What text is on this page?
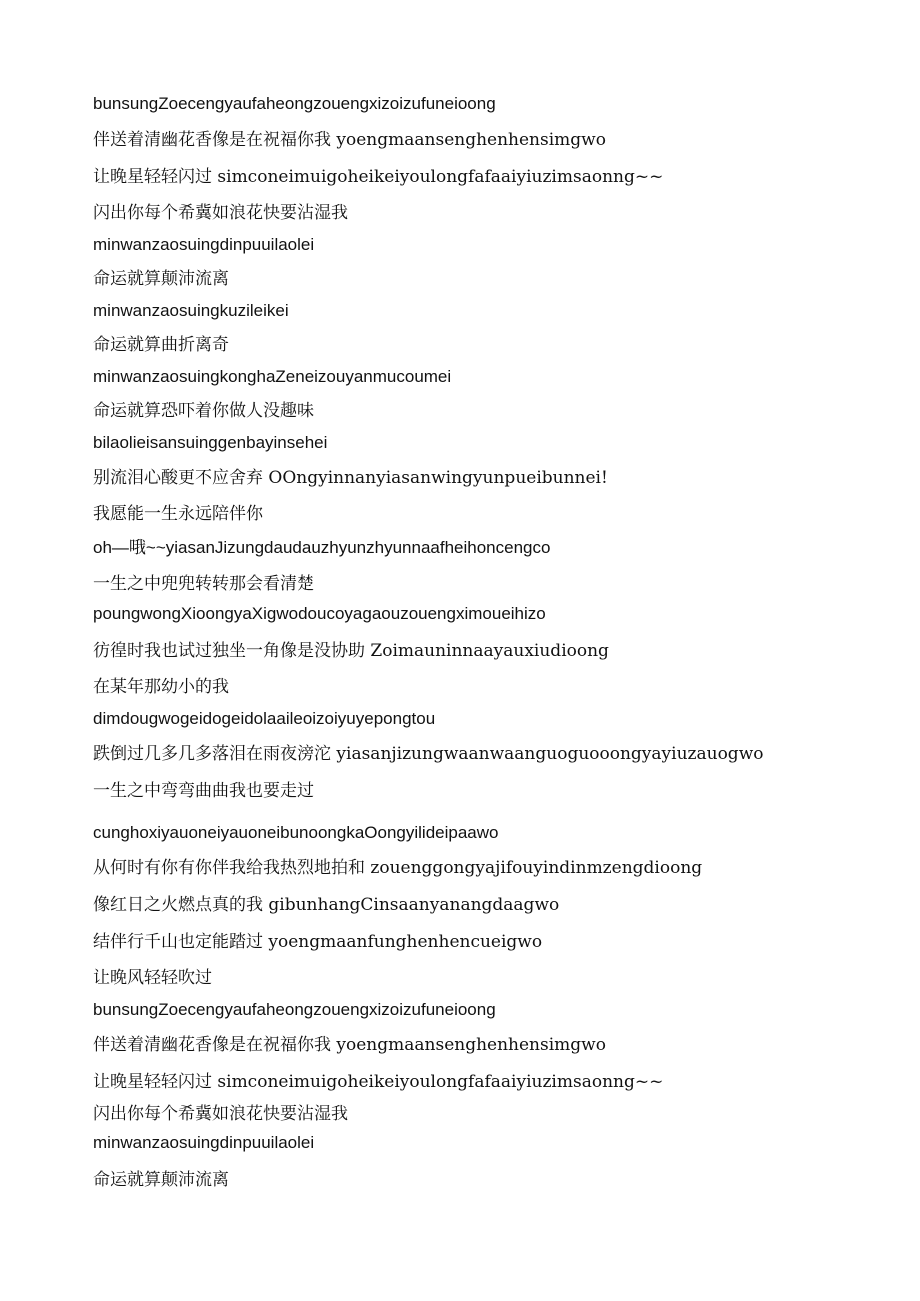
bunsungZoecengyaufaheongzouengxizoizufuneioong
伴送着清幽花香像是在祝福你我 yoengmaansenghenhensimgwo
让晚星轻轻闪过 simconeimuigoheikeiyoulongfafaaiyiuzimsaonng~~
闪出你每个希冀如浪花快要沾湿我
minwanzaosuingdinpuuilaolei
命运就算颠沛流离
minwanzaosuingkuzileikei
命运就算曲折离奇
minwanzaosuingkonghaZeneizouyanmucoumei
命运就算恐吓着你做人没趣味
bilaolieisansuinggenbayinsehei
别流泪心酸更不应舍弃 OOngyinnanyiasanwingyunpueibunnei!
我愿能一生永远陪伴你
oh—哦~~yiasanJizungdaudauzhyunzhyunnaafheihoncengco
一生之中兜兜转转那会看清楚
poungwongXioongyaXigwodoucoyagaouzouengximoueihizo
彷徨时我也试过独坐一角像是没协助 Zoimauninnaayauxiudioong
在某年那幼小的我
dimdougwogeidogeidolaaileoizoiyuyepongtou
跌倒过几多几多落泪在雨夜滂沱 yiasanjizungwaanwaanguoguooongyayiuzauogwo
一生之中弯弯曲曲我也要走过
cunghoxiyauoneiyauoneibunoongkaOongyilideipaawo
从何时有你有你伴我给我热烈地拍和 zouenggongyajifouyindinmzengdioong
像红日之火燃点真的我 gibunhangCinsaanyanangdaagwo
结伴行千山也定能踏过 yoengmaanfunghenhencueigwo
让晚风轻轻吹过
bunsungZoecengyaufaheongzouengxizoizufuneioong
伴送着清幽花香像是在祝福你我 yoengmaansenghenhensimgwo
让晚星轻轻闪过 simconeimuigoheikeiyoulongfafaaiyiuzimsaonng~~
闪出你每个希冀如浪花快要沾湿我
minwanzaosuingdinpuuilaolei
命运就算颠沛流离
